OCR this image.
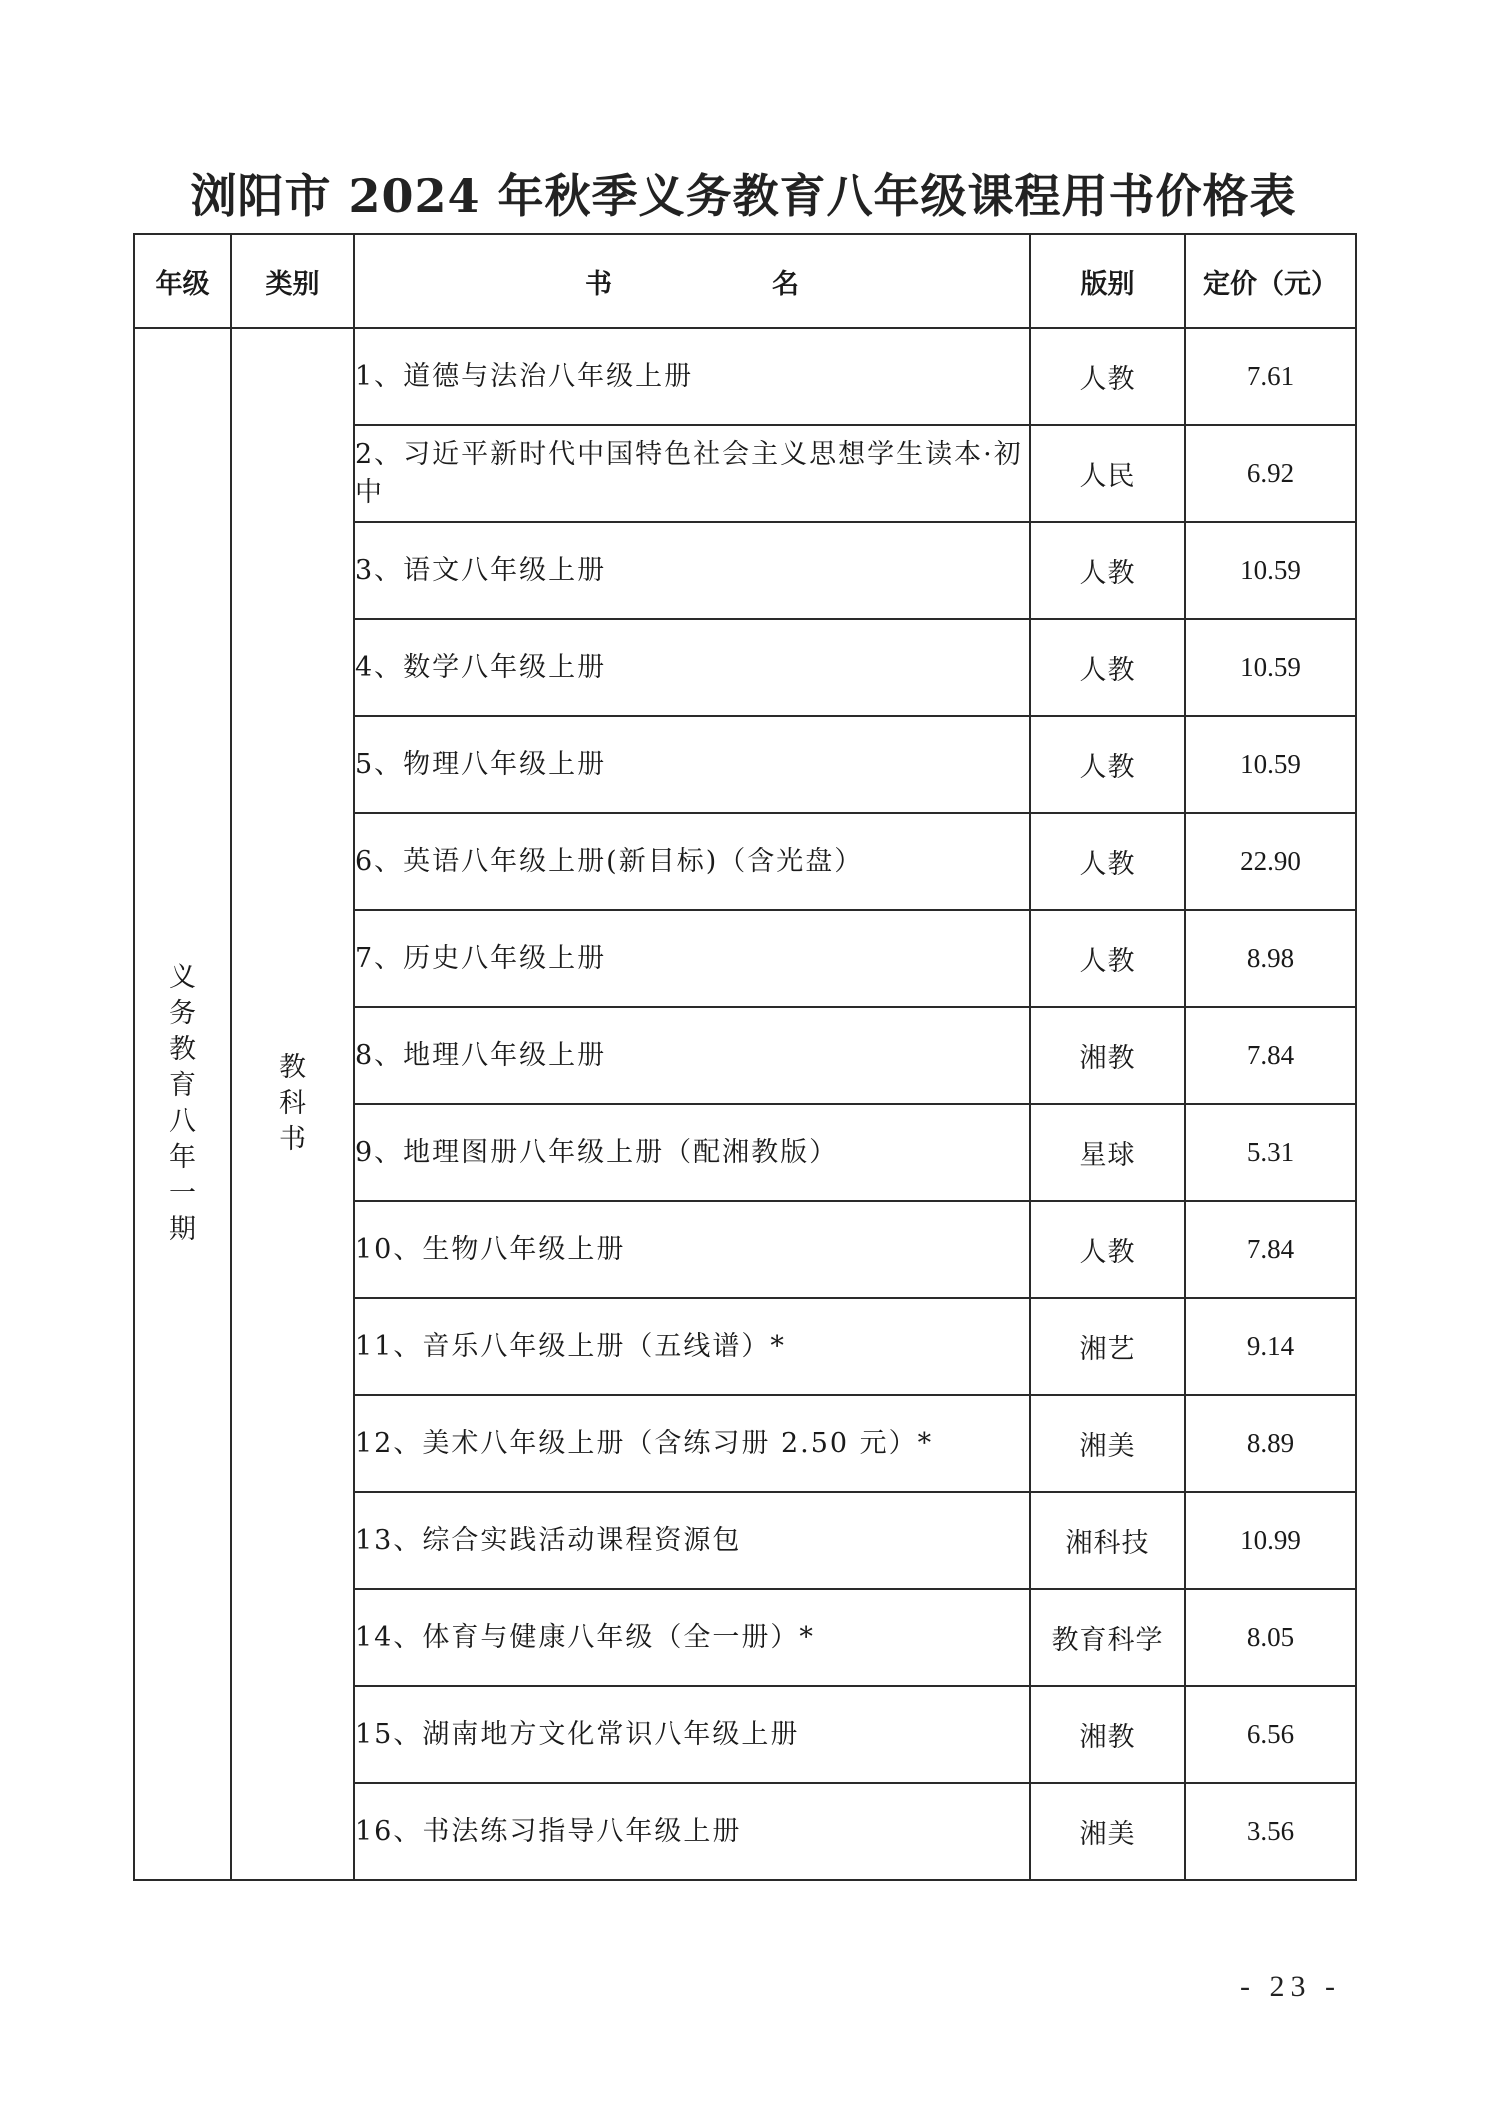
浏阳市 2024 年秋季义务教育八年级课程用书价格表
年级	类别	书 名	版别	定价（元）
义务教育八年一期	教科书	1、道德与法治八年级上册	人教	7.61
		2、习近平新时代中国特色社会主义思想学生读本·初中	人民	6.92
		3、语文八年级上册	人教	10.59
		4、数学八年级上册	人教	10.59
		5、物理八年级上册	人教	10.59
		6、英语八年级上册(新目标)（含光盘）	人教	22.90
		7、历史八年级上册	人教	8.98
		8、地理八年级上册	湘教	7.84
		9、地理图册八年级上册（配湘教版）	星球	5.31
		10、生物八年级上册	人教	7.84
		11、音乐八年级上册（五线谱）*	湘艺	9.14
		12、美术八年级上册（含练习册 2.50 元）*	湘美	8.89
		13、综合实践活动课程资源包	湘科技	10.99
		14、体育与健康八年级（全一册）*	教育科学	8.05
		15、湖南地方文化常识八年级上册	湘教	6.56
		16、书法练习指导八年级上册	湘美	3.56
- 23 -
